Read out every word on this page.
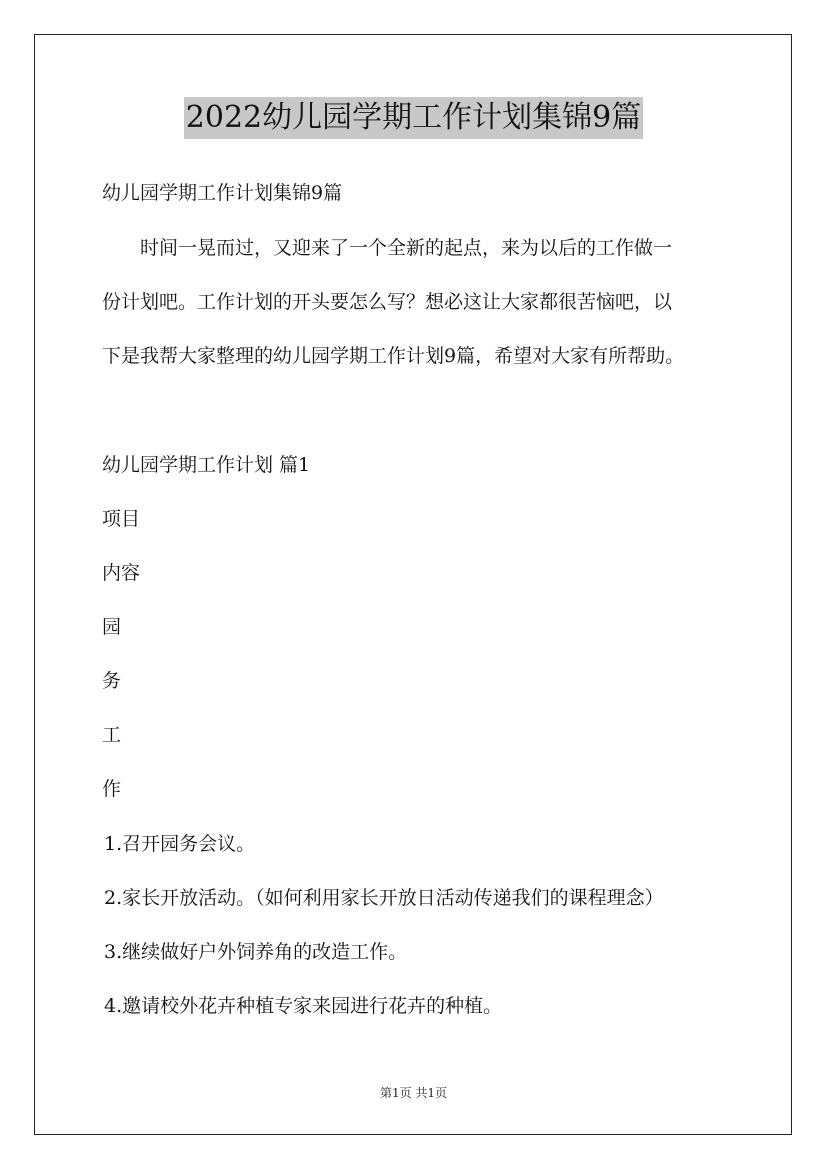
2022幼儿园学期工作计划集锦9篇
幼儿园学期工作计划集锦9篇
时间一晃而过，又迎来了一个全新的起点，来为以后的工作做一
份计划吧。工作计划的开头要怎么写？想必这让大家都很苦恼吧，以
下是我帮大家整理的幼儿园学期工作计划9篇，希望对大家有所帮助。
幼儿园学期工作计划 篇1
项目
内容
园
务
工
作
1.召开园务会议。
2.家长开放活动。（如何利用家长开放日活动传递我们的课程理念）
3.继续做好户外饲养角的改造工作。
4.邀请校外花卉种植专家来园进行花卉的种植。
第1页 共1页
